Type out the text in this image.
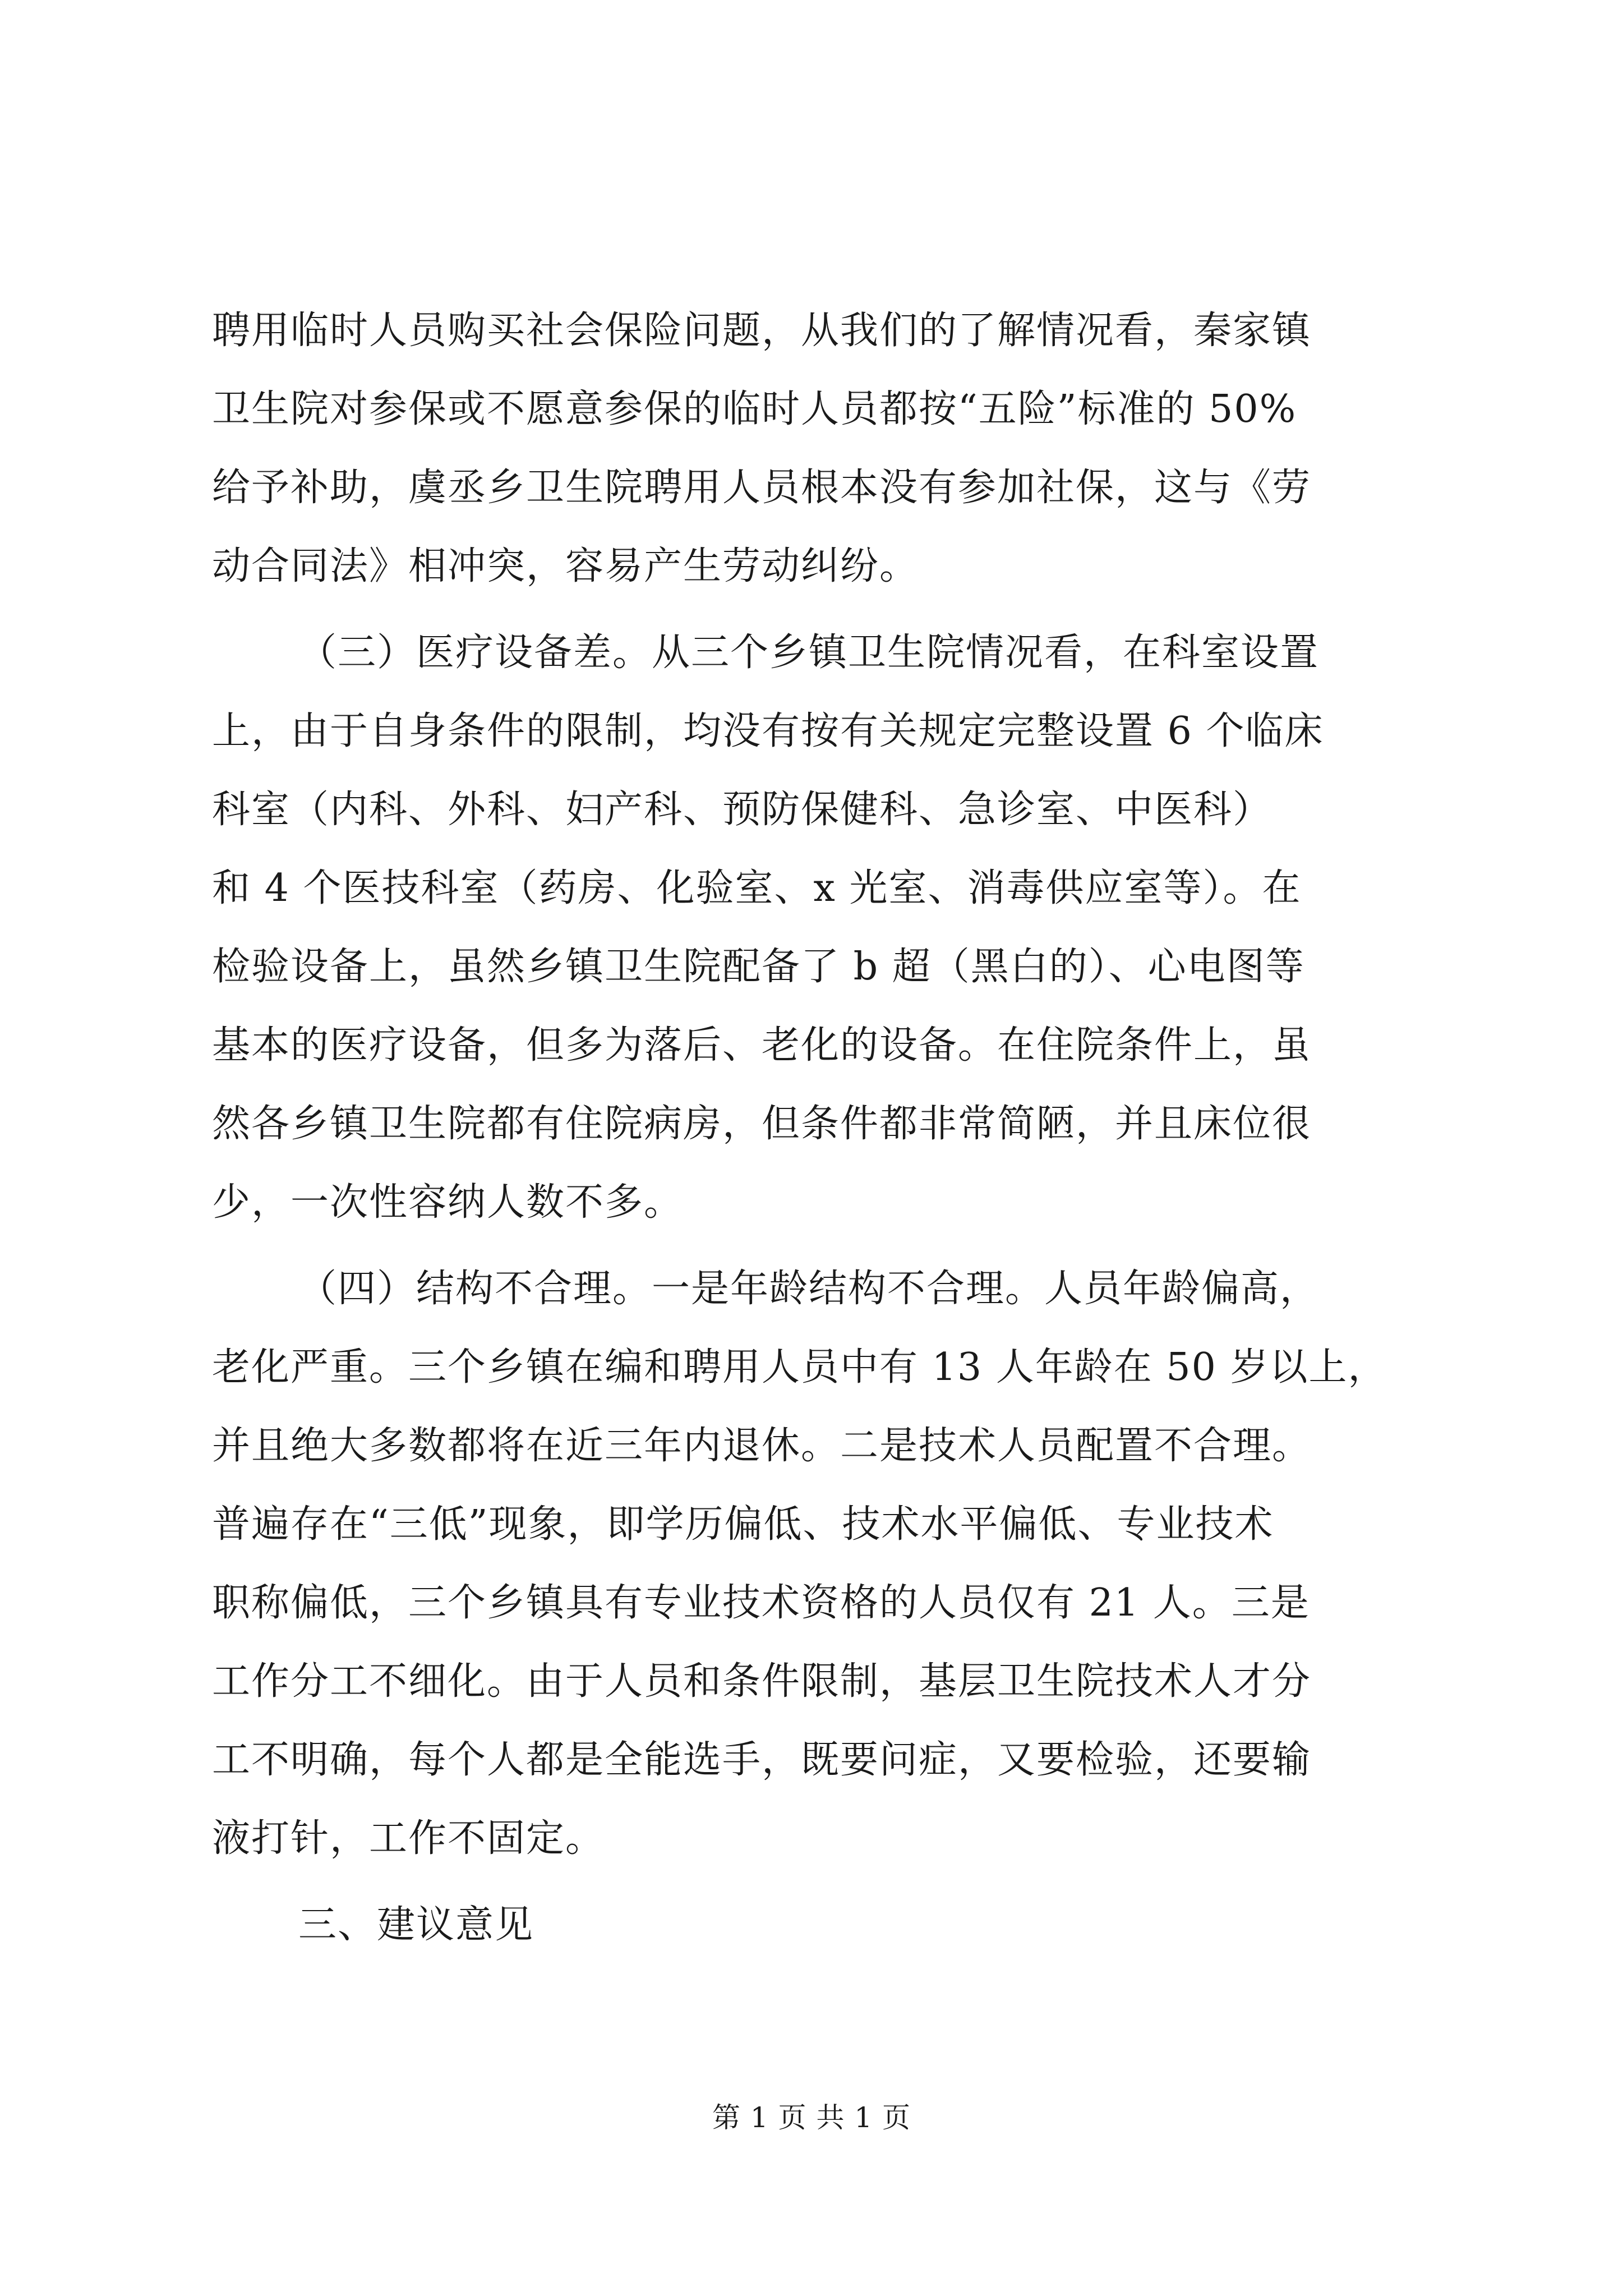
聘用临时人员购买社会保险问题，从我们的了解情况看，秦家镇
卫生院对参保或不愿意参保的临时人员都按“五险”标准的 50%
给予补助，虞丞乡卫生院聘用人员根本没有参加社保，这与《劳
动合同法》相冲突，容易产生劳动纠纷。
（三）医疗设备差。从三个乡镇卫生院情况看，在科室设置
上，由于自身条件的限制，均没有按有关规定完整设置 6 个临床
科室（内科、外科、妇产科、预防保健科、急诊室、中医科）
和 4 个医技科室（药房、化验室、x 光室、消毒供应室等）。在
检验设备上，虽然乡镇卫生院配备了 b 超（黑白的）、心电图等
基本的医疗设备，但多为落后、老化的设备。在住院条件上，虽
然各乡镇卫生院都有住院病房，但条件都非常简陋，并且床位很
少，一次性容纳人数不多。
（四）结构不合理。一是年龄结构不合理。人员年龄偏高，
老化严重。三个乡镇在编和聘用人员中有 13 人年龄在 50 岁以上，
并且绝大多数都将在近三年内退休。二是技术人员配置不合理。
普遍存在“三低”现象，即学历偏低、技术水平偏低、专业技术
职称偏低，三个乡镇具有专业技术资格的人员仅有 21 人。三是
工作分工不细化。由于人员和条件限制，基层卫生院技术人才分
工不明确，每个人都是全能选手，既要问症，又要检验，还要输
液打针，工作不固定。
三、建议意见
第 1 页 共 1 页
